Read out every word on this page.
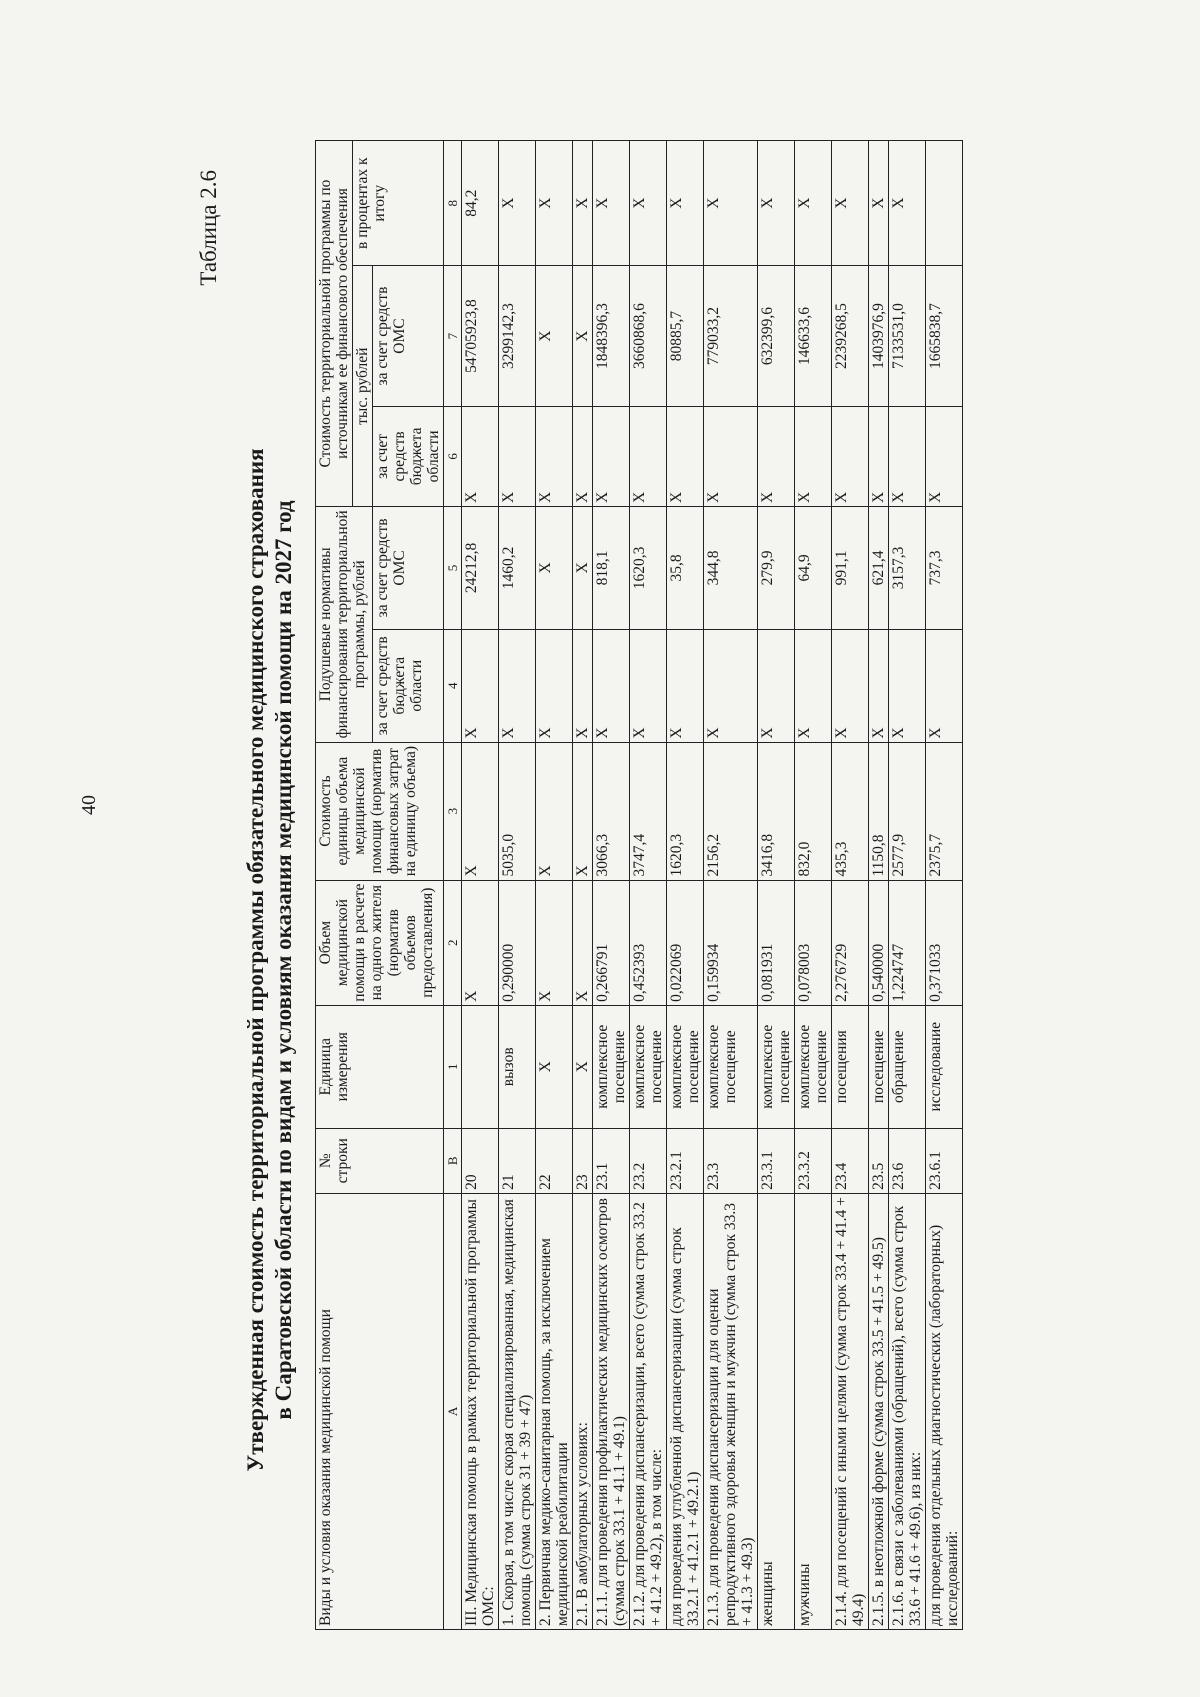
40
Таблица 2.6
Утвержденная стоимость территориальной программы обязательного медицинского страхования в Саратовской области по видам и условиям оказания медицинской помощи на 2027 год
Виды и условия оказания медицинской помощи	№ строки	Единица измерения	Объем медицинской помощи в расчете на одного жителя (норматив объемов предоставления)	Стоимость единицы объема медицинской помощи (норматив финансовых затрат на единицу объема)	Подушевые нормативы финансирования территориальной программы, рублей		Стоимость территориальной программы по источникам ее финансового обеспечения		
							тыс. рублей		в процентах к итогу
					за счет средств бюджета области	за счет средств ОМС	за счет средств бюджета области	за счет средств ОМС	
А	В	1	2	3	4	5	6	7	8
III. Медицинская помощь в рамках территориальной программы ОМС:	20		Х	Х	Х	24212,8	Х	54705923,8	84,2
1. Скорая, в том числе скорая специализированная, медицинская помощь (сумма строк 31 + 39 + 47)	21	вызов	0,290000	5035,0	Х	1460,2	Х	3299142,3	Х
2. Первичная медико-санитарная помощь, за исключением медицинской реабилитации	22	Х	Х	Х	Х	Х	Х	Х	Х
2.1. В амбулаторных условиях:	23	Х	Х	Х	Х	Х	Х	Х	Х
2.1.1. для проведения профилактических медицинских осмотров (сумма строк 33.1 + 41.1 + 49.1)	23.1	комплексное посещение	0,266791	3066,3	Х	818,1	Х	1848396,3	Х
2.1.2. для проведения диспансеризации, всего (сумма строк 33.2 + 41.2 + 49.2), в том числе:	23.2	комплексное посещение	0,452393	3747,4	Х	1620,3	Х	3660868,6	Х
для проведения углубленной диспансеризации (сумма строк 33.2.1 + 41.2.1 + 49.2.1)	23.2.1	комплексное посещение	0,022069	1620,3	Х	35,8	Х	80885,7	Х
2.1.3. для проведения диспансеризации для оценки репродуктивного здоровья женщин и мужчин (сумма строк 33.3 + 41.3 + 49.3)	23.3	комплексное посещение	0,159934	2156,2	Х	344,8	Х	779033,2	Х
женщины	23.3.1	комплексное посещение	0,081931	3416,8	Х	279,9	Х	632399,6	Х
мужчины	23.3.2	комплексное посещение	0,078003	832,0	Х	64,9	Х	146633,6	Х
2.1.4. для посещений с иными целями (сумма строк 33.4 + 41.4 + 49.4)	23.4	посещения	2,276729	435,3	Х	991,1	Х	2239268,5	Х
2.1.5. в неотложной форме (сумма строк 33.5 + 41.5 + 49.5)	23.5	посещение	0,540000	1150,8	Х	621,4	Х	1403976,9	Х
2.1.6. в связи с заболеваниями (обращений), всего (сумма строк 33.6 + 41.6 + 49.6), из них:	23.6	обращение	1,224747	2577,9	Х	3157,3	Х	7133531,0	Х
для проведения отдельных диагностических (лабораторных) исследований:	23.6.1	исследование	0,371033	2375,7	Х	737,3	Х	1665838,7	
